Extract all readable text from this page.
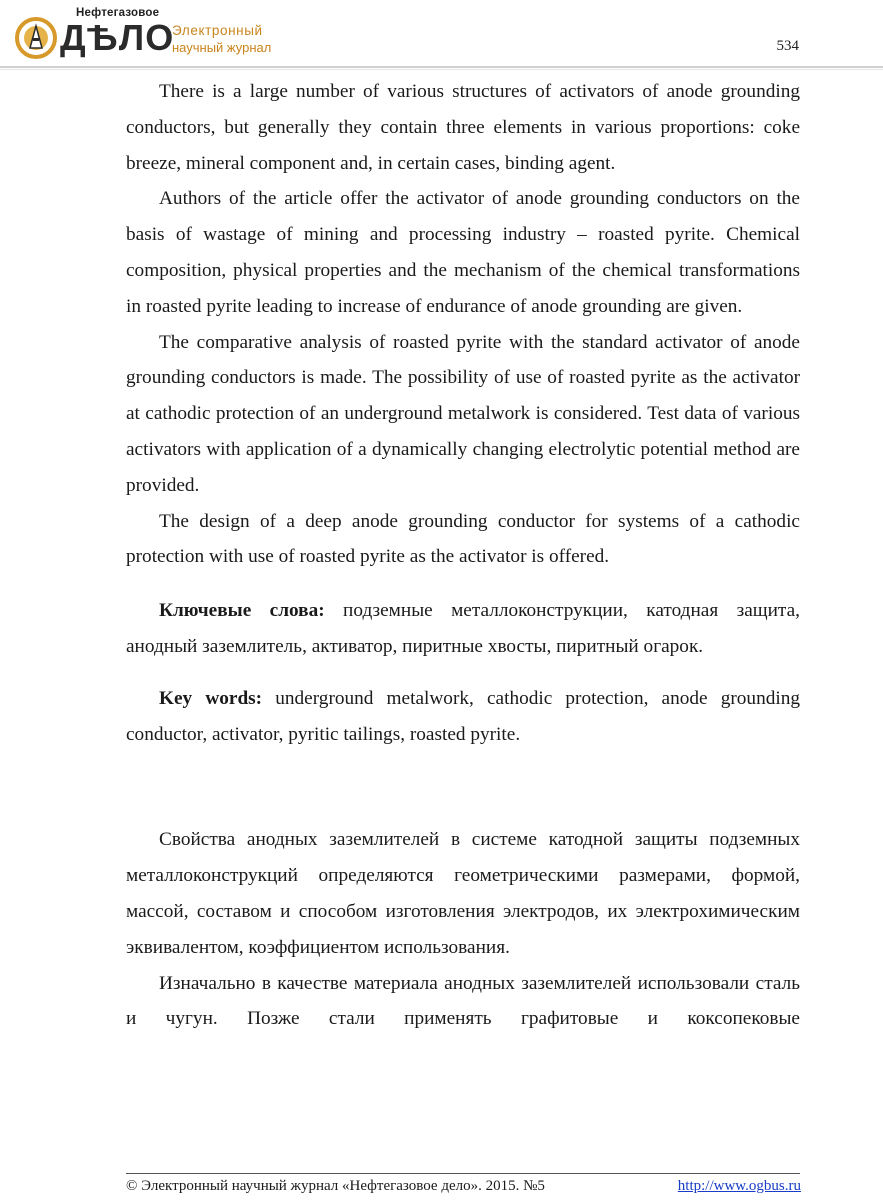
Нефтегазовое
ДѢЛО
Электронный
научный журнал	534

There is a large number of various structures of activators of anode grounding conductors, but generally they contain three elements in various proportions: coke breeze, mineral component and, in certain cases, binding agent.

Authors of the article offer the activator of anode grounding conductors on the basis of wastage of mining and processing industry – roasted pyrite. Chemical composition, physical properties and the mechanism of the chemical transformations in roasted pyrite leading to increase of endurance of anode grounding are given.

The comparative analysis of roasted pyrite with the standard activator of anode grounding conductors is made. The possibility of use of roasted pyrite as the activator at cathodic protection of an underground metalwork is considered. Test data of various activators with application of a dynamically changing electrolytic potential method are provided.

The design of a deep anode grounding conductor for systems of a cathodic protection with use of roasted pyrite as the activator is offered.

Ключевые слова: подземные металлоконструкции, катодная защита, анодный заземлитель, активатор, пиритные хвосты, пиритный огарок.

Key words: underground metalwork, cathodic protection, anode grounding conductor, activator, pyritic tailings, roasted pyrite.

Свойства анодных заземлителей в системе катодной защиты подземных металлоконструкций определяются геометрическими размерами, формой, массой, составом и способом изготовления электродов, их электрохимическим эквивалентом, коэффициентом использования.

Изначально в качестве материала анодных заземлителей использовали сталь и чугун. Позже стали применять графитовые и коксопековые

© Электронный научный журнал «Нефтегазовое дело». 2015. №5	http://www.ogbus.ru
